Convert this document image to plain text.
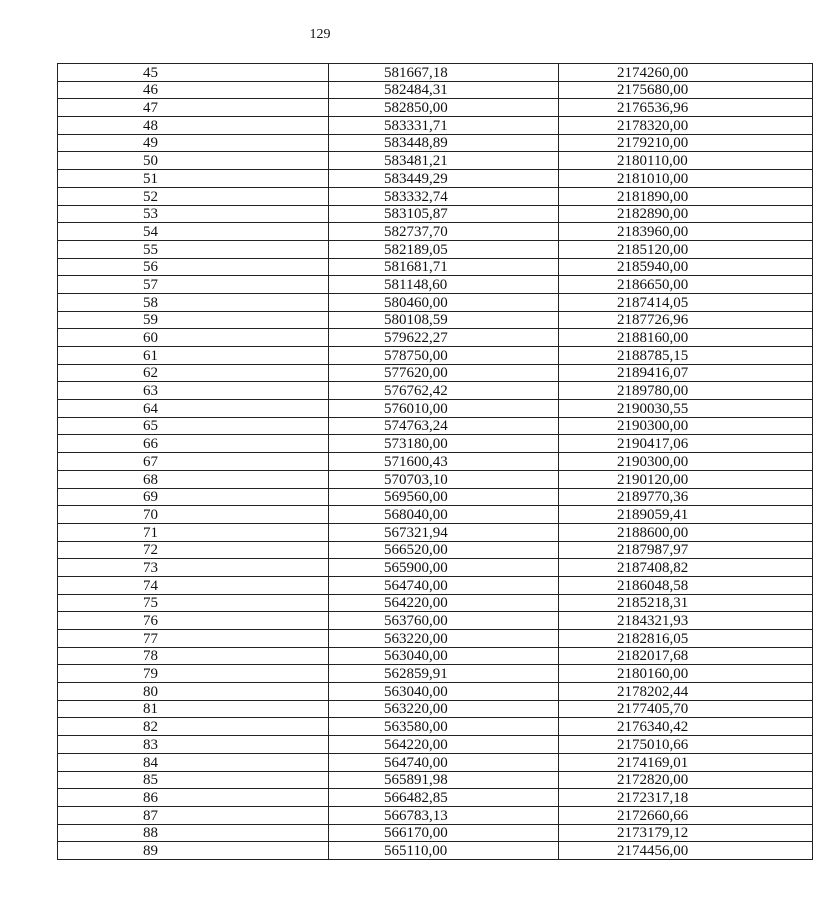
129
45	581667,18	2174260,00
46	582484,31	2175680,00
47	582850,00	2176536,96
48	583331,71	2178320,00
49	583448,89	2179210,00
50	583481,21	2180110,00
51	583449,29	2181010,00
52	583332,74	2181890,00
53	583105,87	2182890,00
54	582737,70	2183960,00
55	582189,05	2185120,00
56	581681,71	2185940,00
57	581148,60	2186650,00
58	580460,00	2187414,05
59	580108,59	2187726,96
60	579622,27	2188160,00
61	578750,00	2188785,15
62	577620,00	2189416,07
63	576762,42	2189780,00
64	576010,00	2190030,55
65	574763,24	2190300,00
66	573180,00	2190417,06
67	571600,43	2190300,00
68	570703,10	2190120,00
69	569560,00	2189770,36
70	568040,00	2189059,41
71	567321,94	2188600,00
72	566520,00	2187987,97
73	565900,00	2187408,82
74	564740,00	2186048,58
75	564220,00	2185218,31
76	563760,00	2184321,93
77	563220,00	2182816,05
78	563040,00	2182017,68
79	562859,91	2180160,00
80	563040,00	2178202,44
81	563220,00	2177405,70
82	563580,00	2176340,42
83	564220,00	2175010,66
84	564740,00	2174169,01
85	565891,98	2172820,00
86	566482,85	2172317,18
87	566783,13	2172660,66
88	566170,00	2173179,12
89	565110,00	2174456,00
